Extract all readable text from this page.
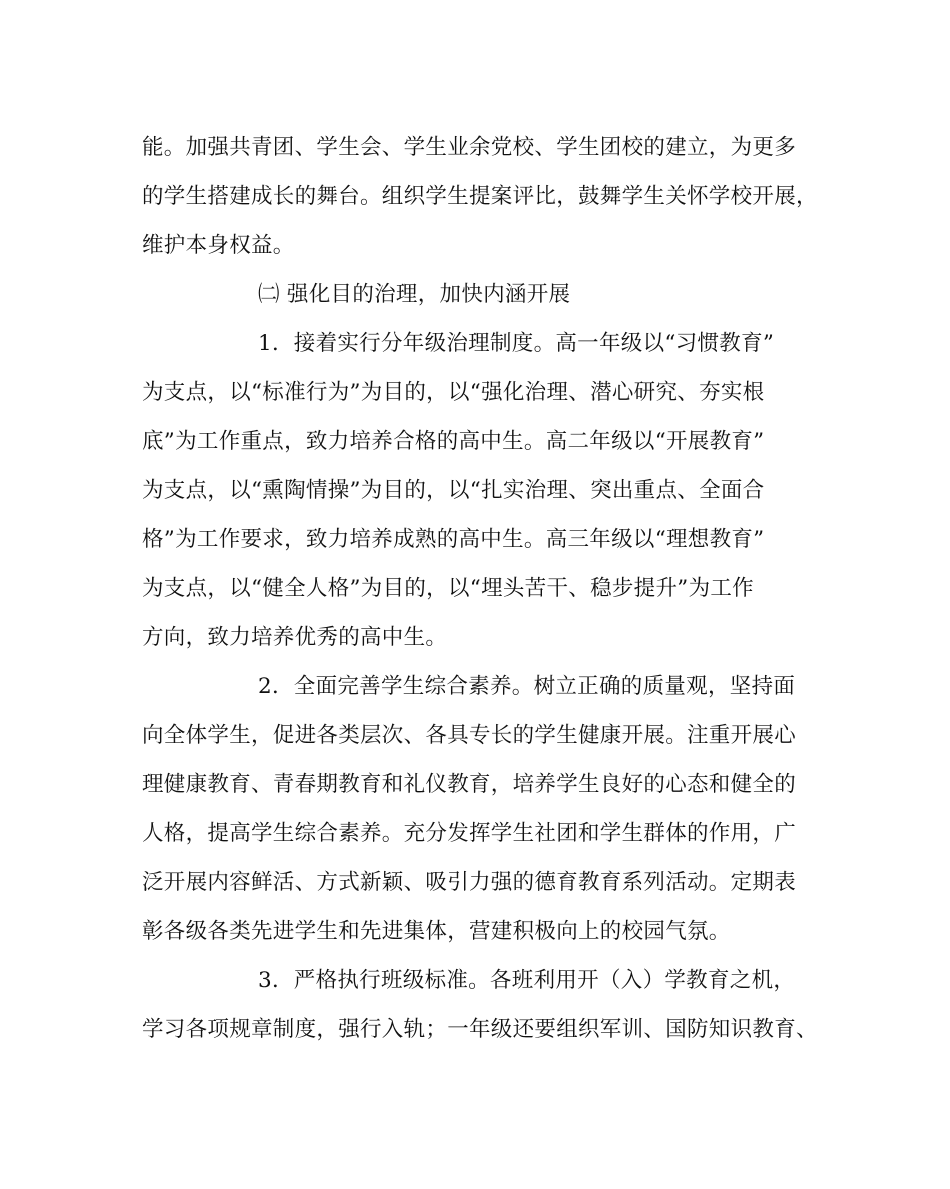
能。加强共青团、学生会、学生业余党校、学生团校的建立，为更多
的学生搭建成长的舞台。组织学生提案评比，鼓舞学生关怀学校开展，
维护本身权益。
㈡ 强化目的治理，加快内涵开展
1．接着实行分年级治理制度。高一年级以“习惯教育”
为支点，以“标准行为”为目的，以“强化治理、潜心研究、夯实根
底”为工作重点，致力培养合格的高中生。高二年级以“开展教育”
为支点，以“熏陶情操”为目的，以“扎实治理、突出重点、全面合
格”为工作要求，致力培养成熟的高中生。高三年级以“理想教育”
为支点，以“健全人格”为目的，以“埋头苦干、稳步提升”为工作
方向，致力培养优秀的高中生。
2．全面完善学生综合素养。树立正确的质量观，坚持面
向全体学生，促进各类层次、各具专长的学生健康开展。注重开展心
理健康教育、青春期教育和礼仪教育，培养学生良好的心态和健全的
人格，提高学生综合素养。充分发挥学生社团和学生群体的作用，广
泛开展内容鲜活、方式新颖、吸引力强的德育教育系列活动。定期表
彰各级各类先进学生和先进集体，营建积极向上的校园气氛。
3．严格执行班级标准。各班利用开（入）学教育之机，
学习各项规章制度，强行入轨；一年级还要组织军训、国防知识教育、
